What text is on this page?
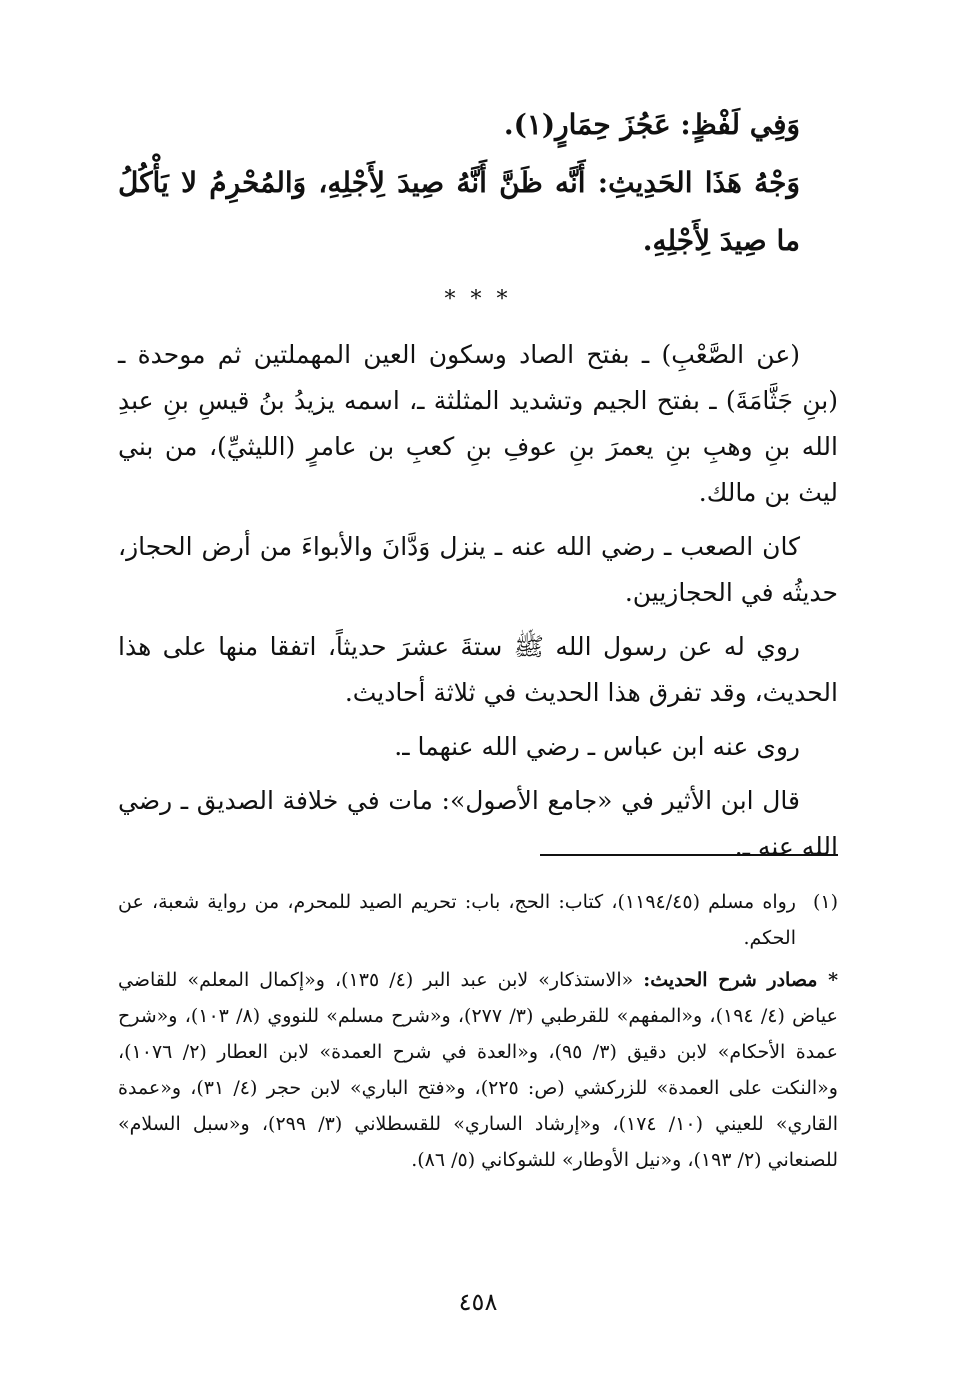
وَفِي لَفْظٍ: عَجُزَ حِمَارٍ(١).

وَجْهُ هَذَا الحَدِيثِ: أَنَّه ظَنَّ أَنَّهُ صِيدَ لِأَجْلِهِ، وَالمُحْرِمُ لا يَأْكُلُ ما صِيدَ لِأَجْلِهِ.

* * *

(عن الصَّعْبِ) ـ بفتح الصاد وسكون العين المهملتين ثم موحدة ـ (بنِ جَثَّامَةَ) ـ بفتح الجيم وتشديد المثلثة ـ، اسمه يزيدُ بنُ قيسِ بنِ عبدِ الله بنِ وهبِ بنِ يعمرَ بنِ عوفِ بنِ كعبِ بن عامرٍ (الليثيِّ)، من بني ليث بن مالك.

كان الصعب ـ رضي الله عنه ـ ينزل وَدَّانَ والأبواءَ من أرض الحجاز، حديثُه في الحجازيين.

روي له عن رسول الله ﷺ ستةَ عشرَ حديثاً، اتفقا منها على هذا الحديث، وقد تفرق هذا الحديث في ثلاثة أحاديث.

روى عنه ابن عباس ـ رضي الله عنهما ـ.

قال ابن الأثير في «جامع الأصول»: مات في خلافة الصديق ـ رضي الله عنه ـ.

(١)
رواه مسلم (١١٩٤/٤٥)، كتاب: الحج، باب: تحريم الصيد للمحرم، من رواية شعبة، عن الحكم.

* مصادر شرح الحديث: «الاستذكار» لابن عبد البر (٤/ ١٣٥)، و«إكمال المعلم» للقاضي عياض (٤/ ١٩٤)، و«المفهم» للقرطبي (٣/ ٢٧٧)، و«شرح مسلم» للنووي (٨/ ١٠٣)، و«شرح عمدة الأحكام» لابن دقيق (٣/ ٩٥)، و«العدة في شرح العمدة» لابن العطار (٢/ ١٠٧٦)، و«النكت على العمدة» للزركشي (ص: ٢٢٥)، و«فتح الباري» لابن حجر (٤/ ٣١)، و«عمدة القاري» للعيني (١٠/ ١٧٤)، و«إرشاد الساري» للقسطلاني (٣/ ٢٩٩)، و«سبل السلام» للصنعاني (٢/ ١٩٣)، و«نيل الأوطار» للشوكاني (٥/ ٨٦).

٤٥٨
